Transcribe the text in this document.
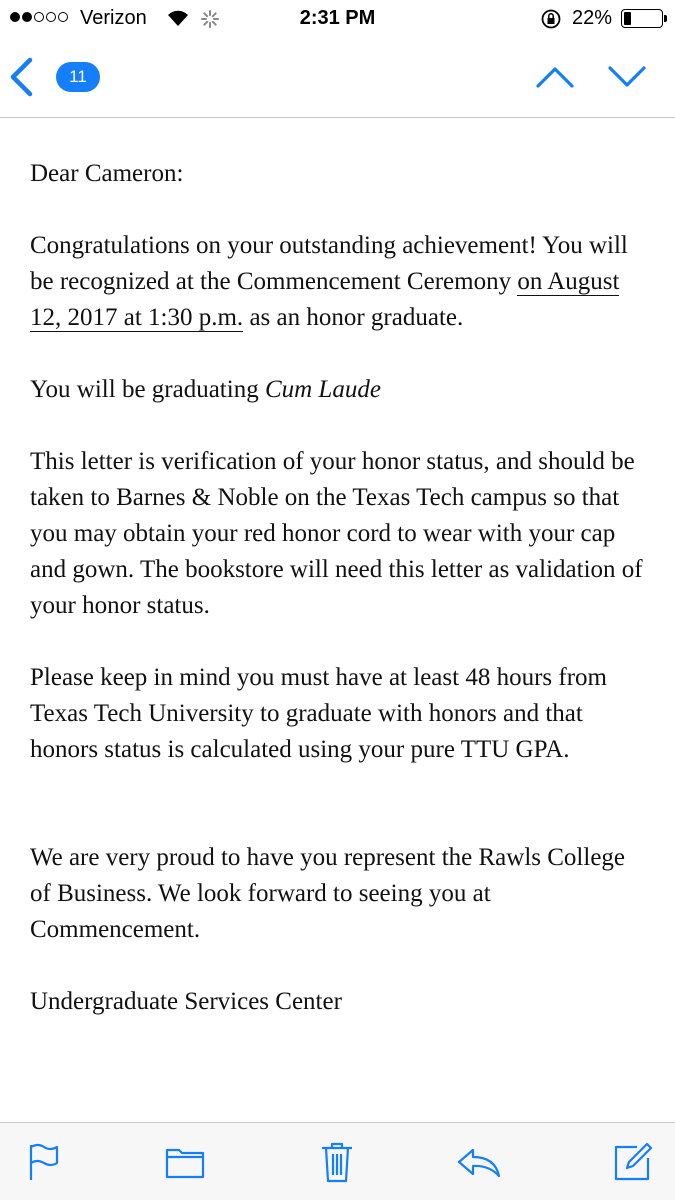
Verizon	2:31 PM	22%
11

Dear Cameron:

Congratulations on your outstanding achievement! You will be recognized at the Commencement Ceremony on August 12, 2017 at 1:30 p.m. as an honor graduate.

You will be graduating Cum Laude

This letter is verification of your honor status, and should be taken to Barnes & Noble on the Texas Tech campus so that you may obtain your red honor cord to wear with your cap and gown. The bookstore will need this letter as validation of your honor status.

Please keep in mind you must have at least 48 hours from Texas Tech University to graduate with honors and that honors status is calculated using your pure TTU GPA.

We are very proud to have you represent the Rawls College of Business. We look forward to seeing you at Commencement.

Undergraduate Services Center
